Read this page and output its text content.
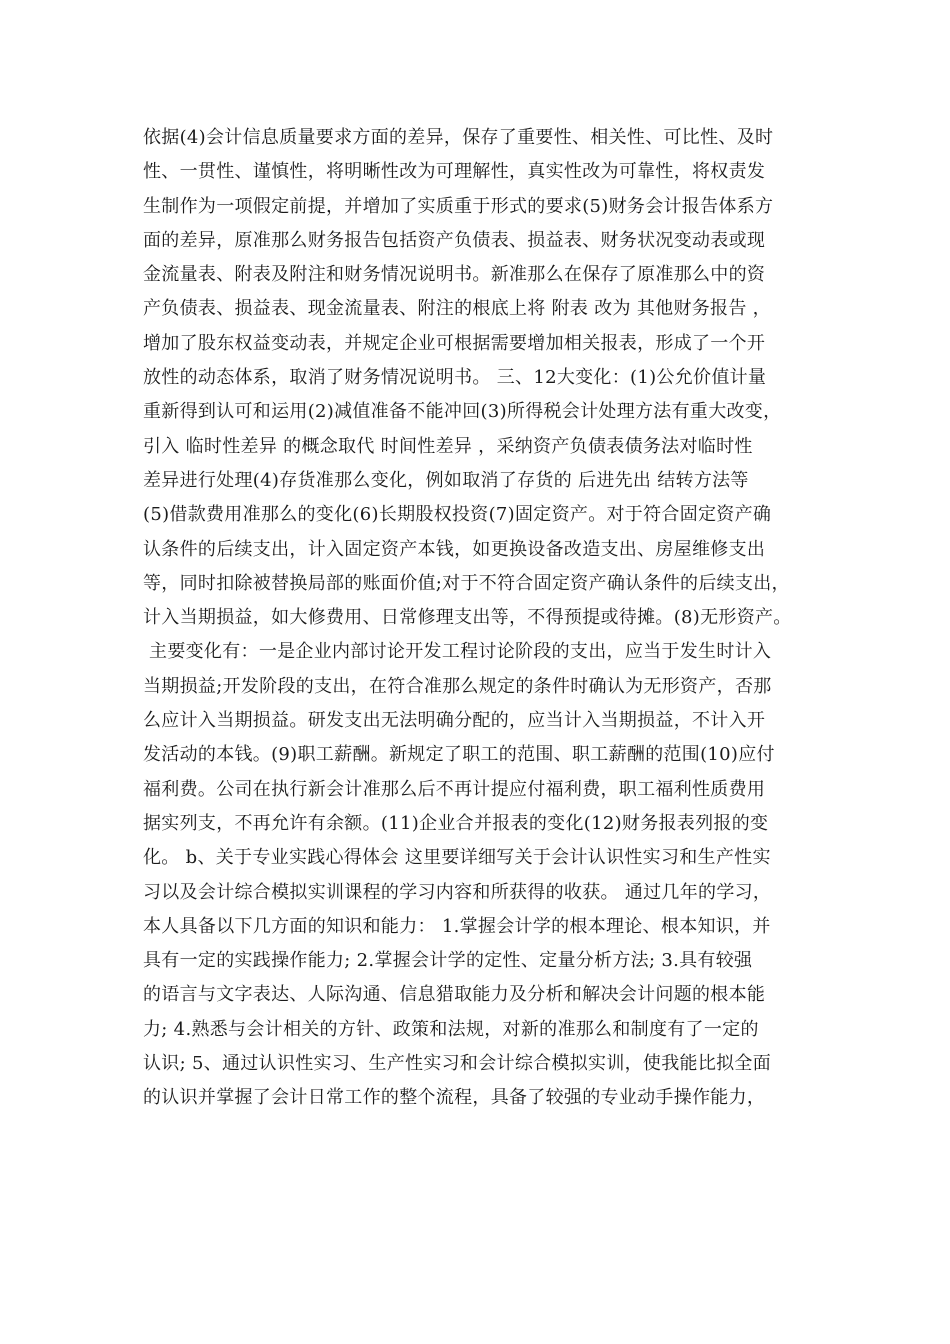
依据(4)会计信息质量要求方面的差异，保存了重要性、相关性、可比性、及时
性、一贯性、谨慎性，将明晰性改为可理解性，真实性改为可靠性，将权责发
生制作为一项假定前提，并增加了实质重于形式的要求(5)财务会计报告体系方
面的差异，原准那么财务报告包括资产负债表、损益表、财务状况变动表或现
金流量表、附表及附注和财务情况说明书。新准那么在保存了原准那么中的资
产负债表、损益表、现金流量表、附注的根底上将 附表 改为 其他财务报告 ，
增加了股东权益变动表，并规定企业可根据需要增加相关报表，形成了一个开
放性的动态体系，取消了财务情况说明书。 三、12大变化：(1)公允价值计量
重新得到认可和运用(2)减值准备不能冲回(3)所得税会计处理方法有重大改变，
引入 临时性差异 的概念取代 时间性差异 ，采纳资产负债表债务法对临时性
差异进行处理(4)存货准那么变化，例如取消了存货的 后进先出 结转方法等
(5)借款费用准那么的变化(6)长期股权投资(7)固定资产。对于符合固定资产确
认条件的后续支出，计入固定资产本钱，如更换设备改造支出、房屋维修支出
等，同时扣除被替换局部的账面价值;对于不符合固定资产确认条件的后续支出，
计入当期损益，如大修费用、日常修理支出等，不得预提或待摊。(8)无形资产。
主要变化有：一是企业内部讨论开发工程讨论阶段的支出，应当于发生时计入
当期损益;开发阶段的支出，在符合准那么规定的条件时确认为无形资产，否那
么应计入当期损益。研发支出无法明确分配的，应当计入当期损益，不计入开
发活动的本钱。(9)职工薪酬。新规定了职工的范围、职工薪酬的范围(10)应付
福利费。公司在执行新会计准那么后不再计提应付福利费，职工福利性质费用
据实列支，不再允许有余额。(11)企业合并报表的变化(12)财务报表列报的变
化。 b、关于专业实践心得体会 这里要详细写关于会计认识性实习和生产性实
习以及会计综合模拟实训课程的学习内容和所获得的收获。 通过几年的学习，
本人具备以下几方面的知识和能力： 1.掌握会计学的根本理论、根本知识，并
具有一定的实践操作能力; 2.掌握会计学的定性、定量分析方法; 3.具有较强
的语言与文字表达、人际沟通、信息猎取能力及分析和解决会计问题的根本能
力; 4.熟悉与会计相关的方针、政策和法规，对新的准那么和制度有了一定的
认识; 5、通过认识性实习、生产性实习和会计综合模拟实训，使我能比拟全面
的认识并掌握了会计日常工作的整个流程，具备了较强的专业动手操作能力，
